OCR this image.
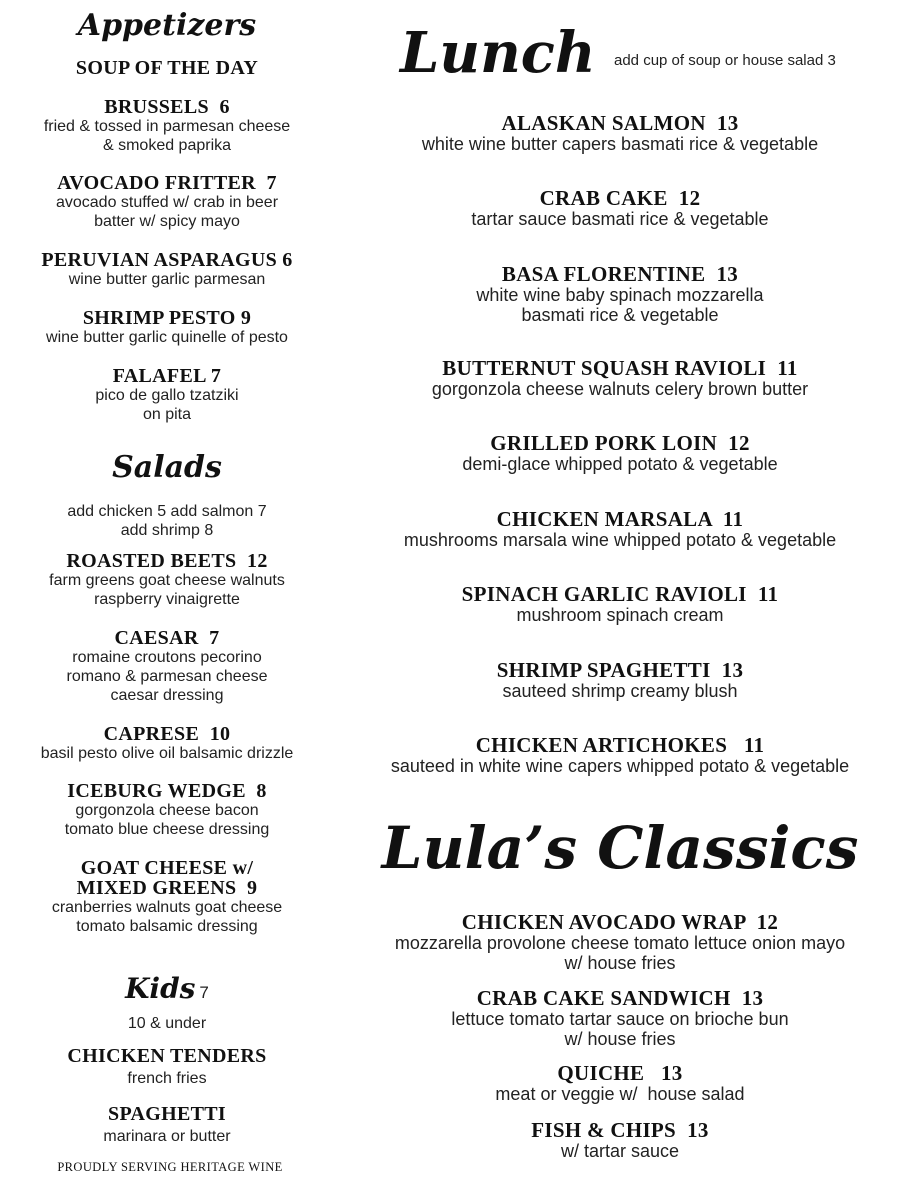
Appetizers
SOUP OF THE DAY
BRUSSELS  6
fried & tossed in parmesan cheese
& smoked paprika
AVOCADO FRITTER  7
avocado stuffed w/ crab in beer
batter w/ spicy mayo
PERUVIAN ASPARAGUS 6
wine butter garlic parmesan
SHRIMP PESTO 9
wine butter garlic quinelle of pesto
FALAFEL 7
pico de gallo tzatziki
on pita
Salads
add chicken 5 add salmon 7
add shrimp 8
ROASTED BEETS  12
farm greens goat cheese walnuts
raspberry vinaigrette
CAESAR  7
romaine croutons pecorino
romano & parmesan cheese
caesar dressing
CAPRESE  10
basil pesto olive oil balsamic drizzle
ICEBURG WEDGE  8
gorgonzola cheese bacon
tomato blue cheese dressing
GOAT CHEESE w/
MIXED GREENS  9
cranberries walnuts goat cheese
tomato balsamic dressing
Kids 7
10 & under
CHICKEN TENDERS
french fries
SPAGHETTI
marinara or butter
PROUDLY SERVING HERITAGE WINE
Lunch add cup of soup or house salad 3
ALASKAN SALMON  13
white wine butter capers basmati rice & vegetable
CRAB CAKE  12
tartar sauce basmati rice & vegetable
BASA FLORENTINE  13
white wine baby spinach mozzarella
basmati rice & vegetable
BUTTERNUT SQUASH RAVIOLI  11
gorgonzola cheese walnuts celery brown butter
GRILLED PORK LOIN  12
demi-glace whipped potato & vegetable
CHICKEN MARSALA  11
mushrooms marsala wine whipped potato & vegetable
SPINACH GARLIC RAVIOLI  11
mushroom spinach cream
SHRIMP SPAGHETTI  13
sauteed shrimp creamy blush
CHICKEN ARTICHOKES   11
sauteed in white wine capers whipped potato & vegetable
Lula’s Classics
CHICKEN AVOCADO WRAP  12
mozzarella provolone cheese tomato lettuce onion mayo
w/ house fries
CRAB CAKE SANDWICH  13
lettuce tomato tartar sauce on brioche bun
w/ house fries
QUICHE   13
meat or veggie w/  house salad
FISH & CHIPS  13
w/ tartar sauce
